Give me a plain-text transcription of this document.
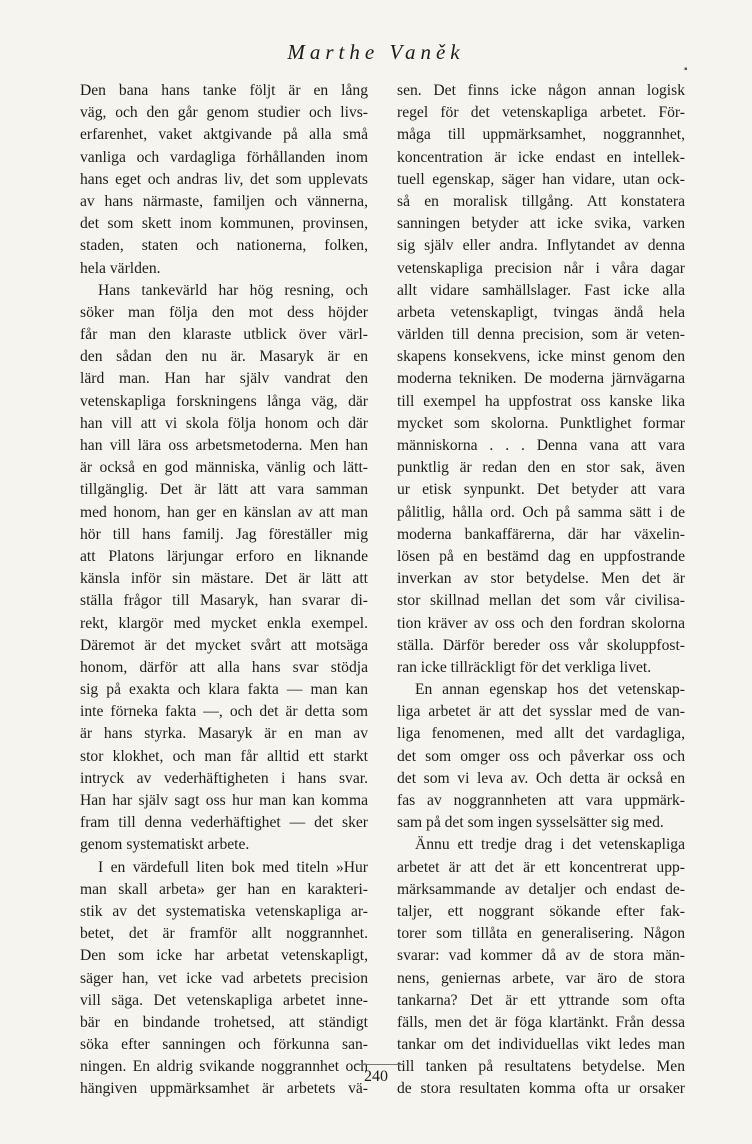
Marthe Vaněk
▪
Den bana hans tanke följt är en lång
väg, och den går genom studier och livs-
erfarenhet, vaket aktgivande på alla små
vanliga och vardagliga förhållanden inom
hans eget och andras liv, det som upplevats
av hans närmaste, familjen och vännerna,
det som skett inom kommunen, provinsen,
staden, staten och nationerna, folken,
hela världen.
Hans tankevärld har hög resning, och
söker man följa den mot dess höjder
får man den klaraste utblick över värl-
den sådan den nu är. Masaryk är en
lärd man. Han har själv vandrat den
vetenskapliga forskningens långa väg, där
han vill att vi skola följa honom och där
han vill lära oss arbetsmetoderna. Men han
är också en god människa, vänlig och lätt-
tillgänglig. Det är lätt att vara samman
med honom, han ger en känslan av att man
hör till hans familj. Jag föreställer mig
att Platons lärjungar erforo en liknande
känsla inför sin mästare. Det är lätt att
ställa frågor till Masaryk, han svarar di-
rekt, klargör med mycket enkla exempel.
Däremot är det mycket svårt att motsäga
honom, därför att alla hans svar stödja
sig på exakta och klara fakta — man kan
inte förneka fakta —, och det är detta som
är hans styrka. Masaryk är en man av
stor klokhet, och man får alltid ett starkt
intryck av vederhäftigheten i hans svar.
Han har själv sagt oss hur man kan komma
fram till denna vederhäftighet — det sker
genom systematiskt arbete.
I en värdefull liten bok med titeln »Hur
man skall arbeta» ger han en karakteri-
stik av det systematiska vetenskapliga ar-
betet, det är framför allt noggrannhet.
Den som icke har arbetat vetenskapligt,
säger han, vet icke vad arbetets precision
vill säga. Det vetenskapliga arbetet inne-
bär en bindande trohetsed, att ständigt
söka efter sanningen och förkunna san-
ningen. En aldrig svikande noggrannhet och
hängiven uppmärksamhet är arbetets vä-
sen. Det finns icke någon annan logisk
regel för det vetenskapliga arbetet. För-
måga till uppmärksamhet, noggrannhet,
koncentration är icke endast en intellek-
tuell egenskap, säger han vidare, utan ock-
så en moralisk tillgång. Att konstatera
sanningen betyder att icke svika, varken
sig själv eller andra. Inflytandet av denna
vetenskapliga precision når i våra dagar
allt vidare samhällslager. Fast icke alla
arbeta vetenskapligt, tvingas ändå hela
världen till denna precision, som är veten-
skapens konsekvens, icke minst genom den
moderna tekniken. De moderna järnvägarna
till exempel ha uppfostrat oss kanske lika
mycket som skolorna. Punktlighet formar
människorna . . . Denna vana att vara
punktlig är redan den en stor sak, även
ur etisk synpunkt. Det betyder att vara
pålitlig, hålla ord. Och på samma sätt i de
moderna bankaffärerna, där har växelin-
lösen på en bestämd dag en uppfostrande
inverkan av stor betydelse. Men det är
stor skillnad mellan det som vår civilisa-
tion kräver av oss och den fordran skolorna
ställa. Därför bereder oss vår skoluppfost-
ran icke tillräckligt för det verkliga livet.
En annan egenskap hos det vetenskap-
liga arbetet är att det sysslar med de van-
liga fenomenen, med allt det vardagliga,
det som omger oss och påverkar oss och
det som vi leva av. Och detta är också en
fas av noggrannheten att vara uppmärk-
sam på det som ingen sysselsätter sig med.
Ännu ett tredje drag i det vetenskapliga
arbetet är att det är ett koncentrerat upp-
märksammande av detaljer och endast de-
taljer, ett noggrant sökande efter fak-
torer som tillåta en generalisering. Någon
svarar: vad kommer då av de stora män-
nens, geniernas arbete, var äro de stora
tankarna? Det är ett yttrande som ofta
fälls, men det är föga klartänkt. Från dessa
tankar om det individuellas vikt ledes man
till tanken på resultatens betydelse. Men
de stora resultaten komma ofta ur orsaker
240
